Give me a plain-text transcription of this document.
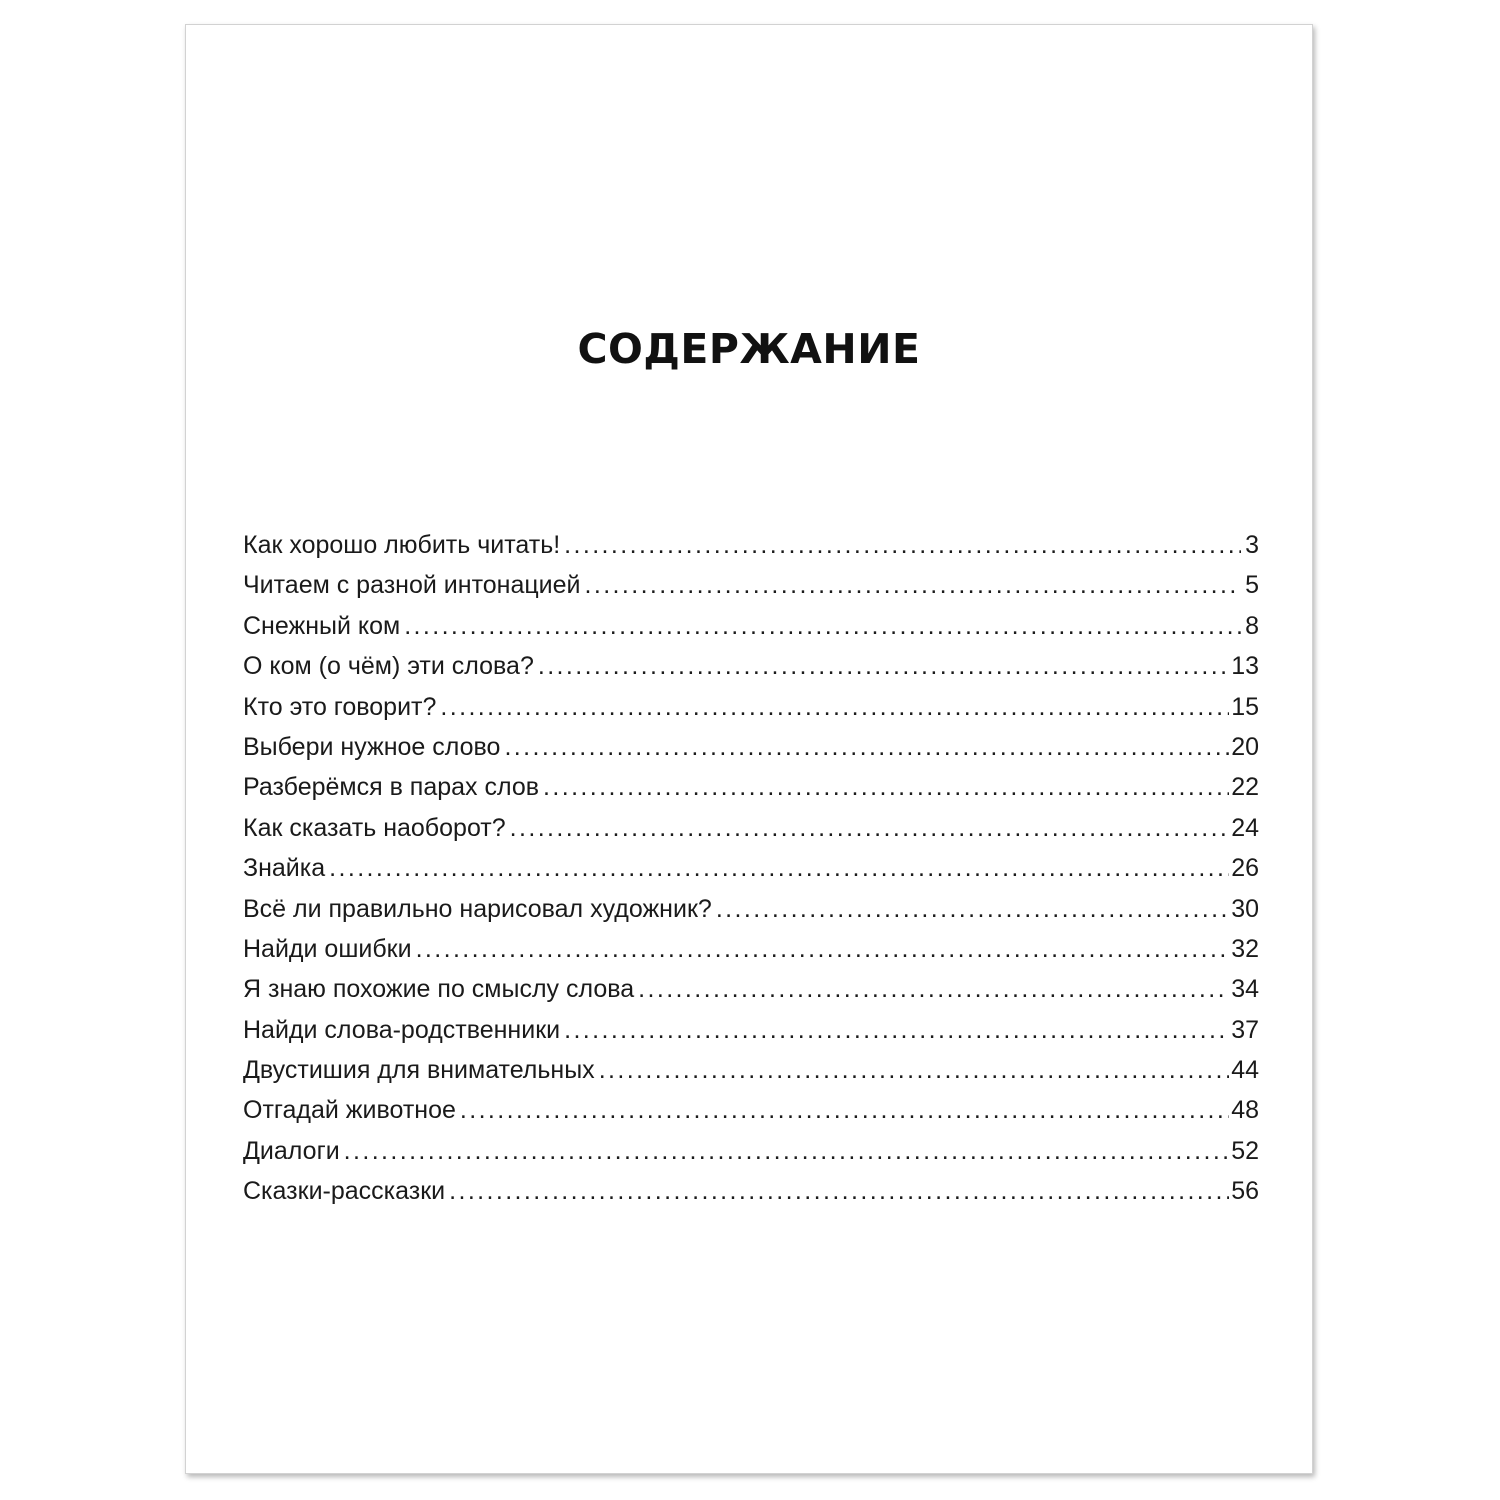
СОДЕРЖАНИЕ
Как хорошо любить читать! .....	3
Читаем с разной интонацией .....	5
Снежный ком .....	8
О ком (о чём) эти слова? .....	13
Кто это говорит? .....	15
Выбери нужное слово .....	20
Разберёмся в парах слов .....	22
Как сказать наоборот? .....	24
Знайка .....	26
Всё ли правильно нарисовал художник? .....	30
Найди ошибки .....	32
Я знаю похожие по смыслу слова .....	34
Найди слова-родственники .....	37
Двустишия для внимательных .....	44
Отгадай животное .....	48
Диалоги .....	52
Сказки-рассказки .....	56
